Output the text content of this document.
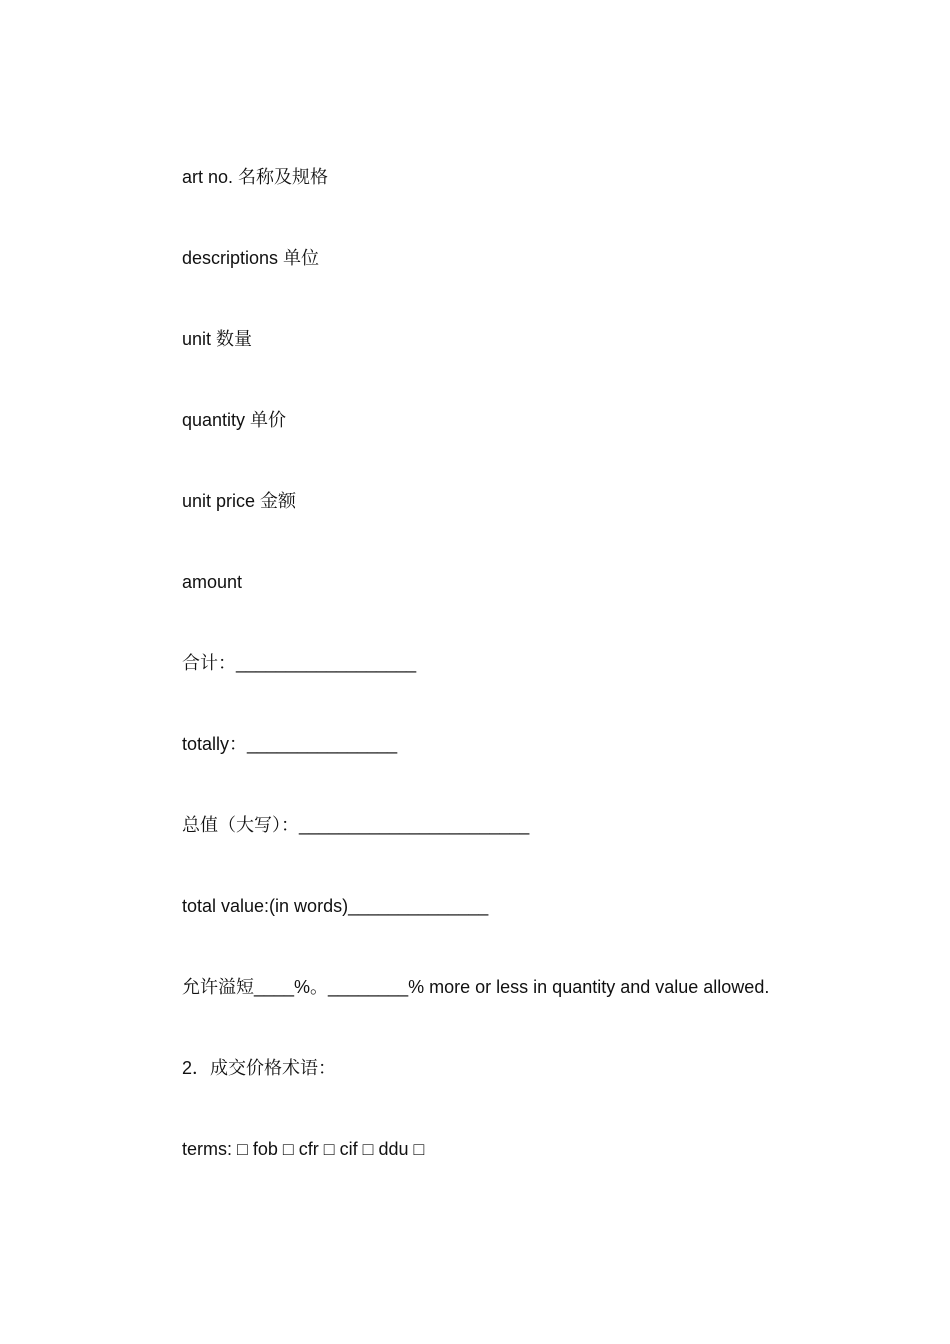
art no. 名称及规格
descriptions 单位
unit 数量
quantity 单价
unit price 金额
amount
合计：__________________
totally：_______________
总值（大写）：_______________________
total value:(in words)______________
允许溢短____%。________% more or less in quantity and value allowed.
2．成交价格术语：
terms: □ fob □ cfr □ cif □ ddu □
